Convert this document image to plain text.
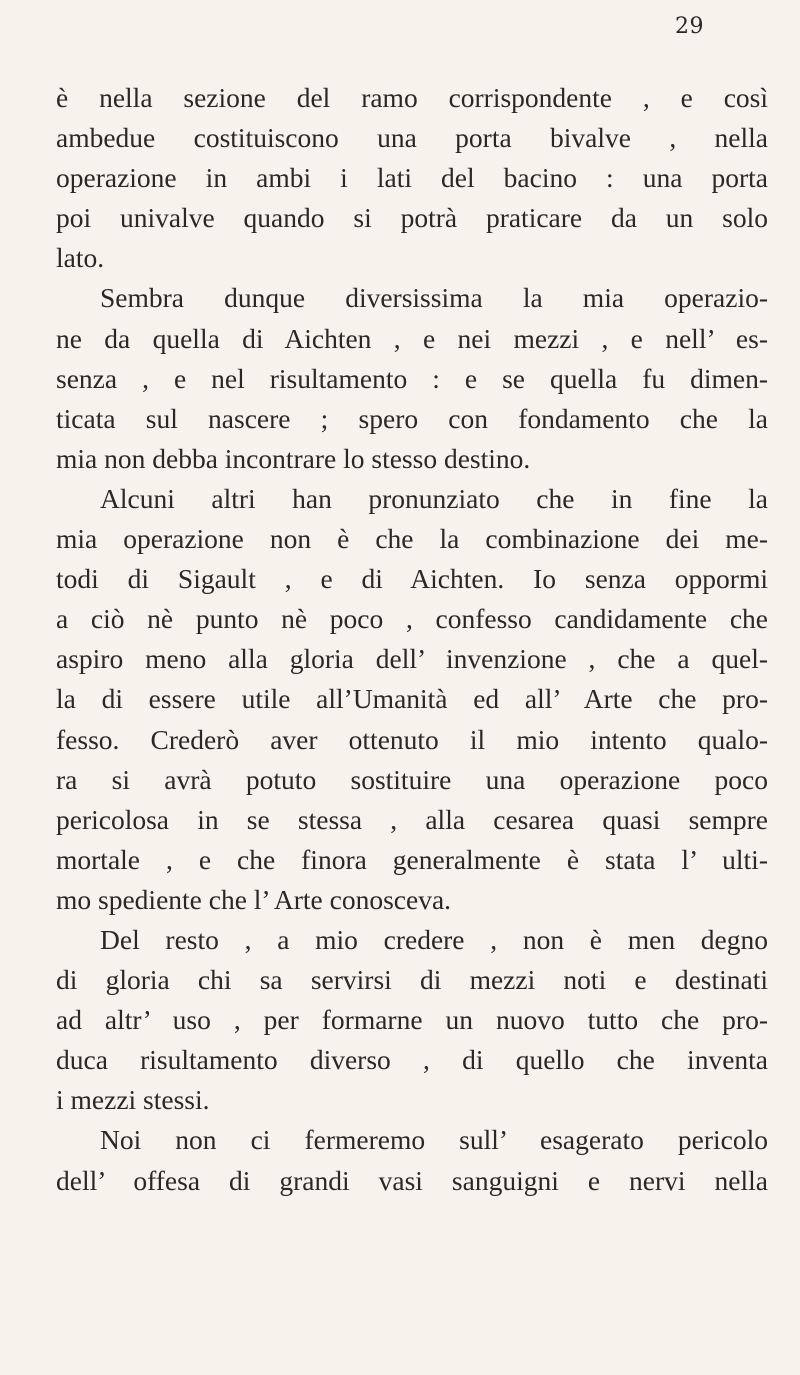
29
è nella sezione del ramo corrispondente , e così
ambedue costituiscono una porta bivalve , nella
operazione in ambi i lati del bacino : una porta
poi univalve quando si potrà praticare da un solo
lato.
Sembra dunque diversissima la mia operazio-
ne da quella di Aichten , e nei mezzi , e nell’ es-
senza , e nel risultamento : e se quella fu dimen-
ticata sul nascere ; spero con fondamento che la
mia non debba incontrare lo stesso destino.
Alcuni altri han pronunziato che in fine la
mia operazione non è che la combinazione dei me-
todi di Sigault , e di Aichten. Io senza oppormi
a ciò nè punto nè poco , confesso candidamente che
aspiro meno alla gloria dell’ invenzione , che a quel-
la di essere utile all’Umanità ed all’ Arte che pro-
fesso. Crederò aver ottenuto il mio intento qualo-
ra si avrà potuto sostituire una operazione poco
pericolosa in se stessa , alla cesarea quasi sempre
mortale , e che finora generalmente è stata l’ ulti-
mo spediente che l’ Arte conosceva.
Del resto , a mio credere , non è men degno
di gloria chi sa servirsi di mezzi noti e destinati
ad altr’ uso , per formarne un nuovo tutto che pro-
duca risultamento diverso , di quello che inventa
i mezzi stessi.
Noi non ci fermeremo sull’ esagerato pericolo
dell’ offesa di grandi vasi sanguigni e nervi nella
